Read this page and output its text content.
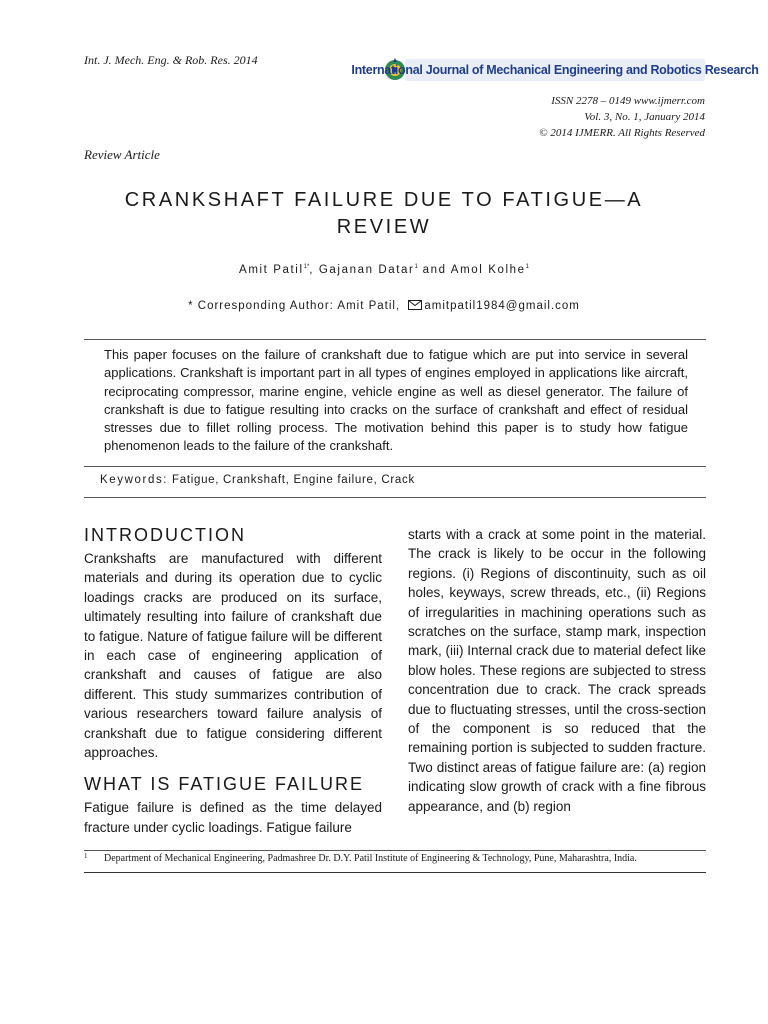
Int. J. Mech. Eng. & Rob. Res. 2014
International Journal of Mechanical Engineering and Robotics Research
ISSN 2278 – 0149 www.ijmerr.com
Vol. 3, No. 1, January 2014
© 2014 IJMERR. All Rights Reserved
Review Article
CRANKSHAFT FAILURE DUE TO FATIGUE—A REVIEW
Amit Patil$^{1*}$, Gajanan Datar$^1$ and Amol Kolhe$^1$
* Corresponding Author: Amit Patil, amitpatil1984@gmail.com
This paper focuses on the failure of crankshaft due to fatigue which are put into service in several applications. Crankshaft is important part in all types of engines employed in applications like aircraft, reciprocating compressor, marine engine, vehicle engine as well as diesel generator. The failure of crankshaft is due to fatigue resulting into cracks on the surface of crankshaft and effect of residual stresses due to fillet rolling process. The motivation behind this paper is to study how fatigue phenomenon leads to the failure of the crankshaft.
Keywords: Fatigue, Crankshaft, Engine failure, Crack
INTRODUCTION

Crankshafts are manufactured with different materials and during its operation due to cyclic loadings cracks are produced on its surface, ultimately resulting into failure of crankshaft due to fatigue. Nature of fatigue failure will be different in each case of engineering application of crankshaft and causes of fatigue are also different. This study summarizes contribution of various researchers toward failure analysis of crankshaft due to fatigue considering different approaches.

WHAT IS FATIGUE FAILURE

Fatigue failure is defined as the time delayed fracture under cyclic loadings. Fatigue failure

starts with a crack at some point in the material. The crack is likely to be occur in the following regions. (i) Regions of discontinuity, such as oil holes, keyways, screw threads, etc., (ii) Regions of irregularities in machining operations such as scratches on the surface, stamp mark, inspection mark, (iii) Internal crack due to material defect like blow holes. These regions are subjected to stress concentration due to crack. The crack spreads due to fluctuating stresses, until the cross-section of the component is so reduced that the remaining portion is subjected to sudden fracture. Two distinct areas of fatigue failure are: (a) region indicating slow growth of crack with a fine fibrous appearance, and (b) region

1 Department of Mechanical Engineering, Padmashree Dr. D.Y. Patil Institute of Engineering & Technology, Pune, Maharashtra, India.
